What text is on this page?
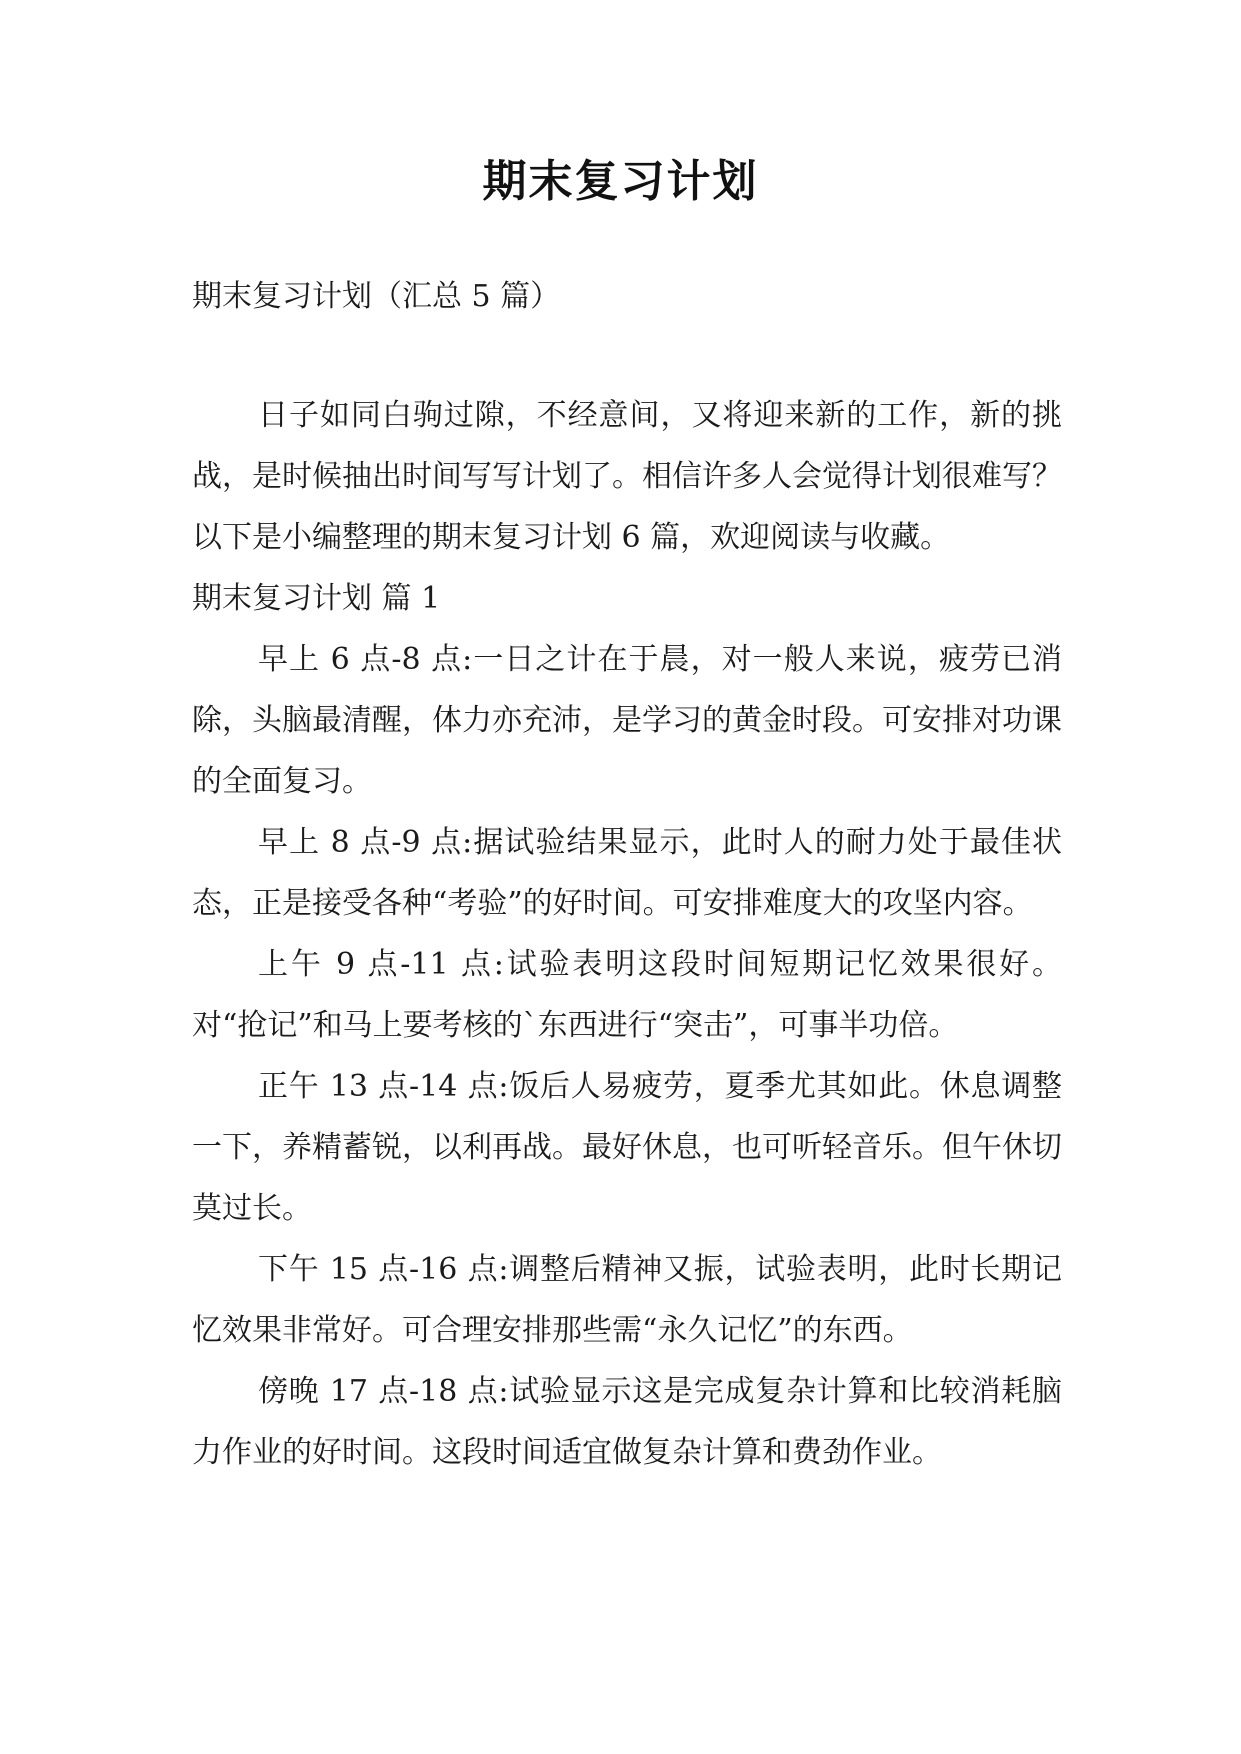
期末复习计划

期末复习计划（汇总 5 篇）

日子如同白驹过隙，不经意间，又将迎来新的工作，新的挑战，是时候抽出时间写写计划了。相信许多人会觉得计划很难写？以下是小编整理的期末复习计划 6 篇，欢迎阅读与收藏。

期末复习计划 篇 1

早上 6 点-8 点:一日之计在于晨，对一般人来说，疲劳已消除，头脑最清醒，体力亦充沛，是学习的黄金时段。可安排对功课的全面复习。

早上 8 点-9 点:据试验结果显示，此时人的耐力处于最佳状态，正是接受各种“考验”的好时间。可安排难度大的攻坚内容。

上午 9 点-11 点:试验表明这段时间短期记忆效果很好。对“抢记”和马上要考核的`东西进行“突击”，可事半功倍。

正午 13 点-14 点:饭后人易疲劳，夏季尤其如此。休息调整一下，养精蓄锐，以利再战。最好休息，也可听轻音乐。但午休切莫过长。

下午 15 点-16 点:调整后精神又振，试验表明，此时长期记忆效果非常好。可合理安排那些需“永久记忆”的东西。

傍晚 17 点-18 点:试验显示这是完成复杂计算和比较消耗脑力作业的好时间。这段时间适宜做复杂计算和费劲作业。
